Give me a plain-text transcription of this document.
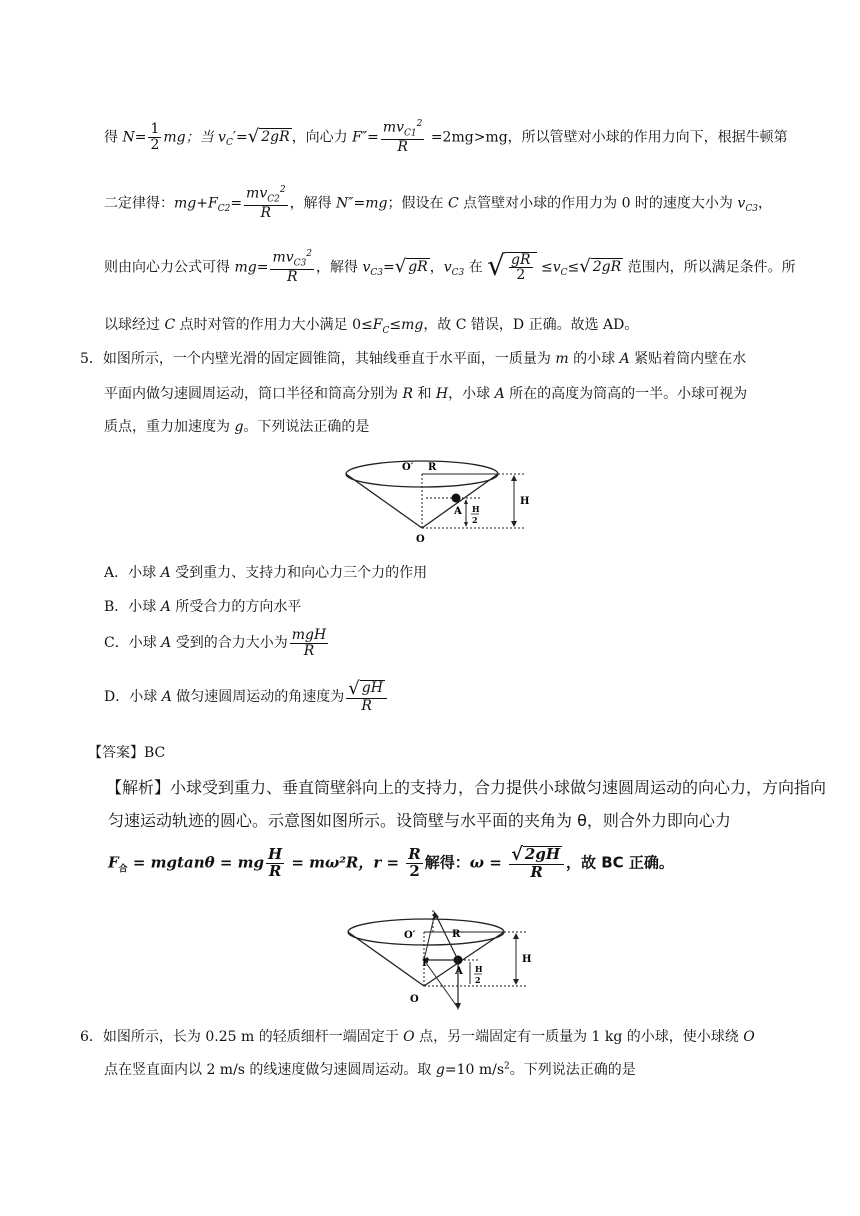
得 $N= \frac{1}{2}$ mg；当 $v_C'=$ √ 2gR ，向心力 $F''= \frac{mv_{C1}^2}{R} =2mg>mg$，所以管壁对小球的作用力向下，根据牛顿第
二定律得：$mg+F_{C2}= \frac{mv_{C2}^2}{R}$ ，解得 N″=mg；假设在 C 点管壁对小球的作用力为 0 时的速度大小为 $v_{C3}$，
则由向心力公式可得 $mg= \frac{mv_{C3}^2}{R}$ ，解得 $v_{C3}=$ √ gR ，$v_{C3}$ 在 √ $\frac{gR}{2} \le v_C\le$ √ 2gR 范围内，所以满足条件。所
以球经过 C 点时对管的作用力大小满足 $0\le F_C\le mg$，故 C 错误，D 正确。故选 AD。
5．如图所示，一个内壁光滑的固定圆锥筒，其轴线垂直于水平面，一质量为 m 的小球 A 紧贴着筒内壁在水
平面内做匀速圆周运动，筒口半径和筒高分别为 R 和 H，小球 A 所在的高度为筒高的一半。小球可视为
质点，重力加速度为 g。下列说法正确的是
O′ R
H
A
O
H
2
A．小球 A 受到重力、支持力和向心力三个力的作用
B．小球 A 所受合力的方向水平
C．小球 A 受到的合力大小为 $\frac{\text{mgH}}{R}$
D．小球 A 做匀速圆周运动的角速度为 $\frac{√ gH}{R}$
【答案】BC
【解析】小球受到重力、垂直筒壁斜向上的支持力，合力提供小球做匀速圆周运动的向心力，方向指向
匀速运动轨迹的圆心。示意图如图所示。设筒壁与水平面的夹角为 θ，则合外力即向心力
$F_合 = mgtan\theta$ = mg $\frac{H}{R} = m\omega^2R$，$r = \frac{R}{2}$ 解得：$\omega = \frac{√ 2gH}{R}$ ，故 BC 正确。
O′	R
H
A
F
O
H
2
6．如图所示，长为 0.25 m 的轻质细杆一端固定于 O 点，另一端固定有一质量为 1 kg 的小球，使小球绕 O
点在竖直面内以 2 m/s 的线速度做匀速圆周运动。取 g=10 $m/s^2$。下列说法正确的是
